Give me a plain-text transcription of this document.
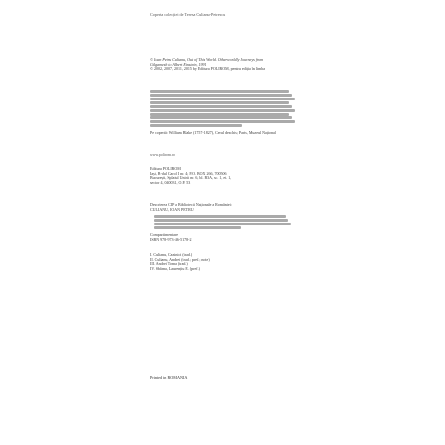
Coperta colecției de Teresa Culianu-Petrescu

© Ioan Petru Culianu, Out of This World. Otherworldly Journeys from

Gilgamesh to Albert Einstein, 1991

© 2002, 2007, 2011, 2015 by Editura POLIROM, pentru ediția în limba

Pe copertă: William Blake (1757-1827), Cerul deschis; Paris, Muzeul Național

www.polirom.ro

Editura POLIROM

Iași, B-dul Carol I nr. 4; P.O. BOX 266, 700506

București, Splaiul Unirii nr. 6, bl. B3A, sc. 1, et. 1,

sector 4, 040031, O.P. 53

Descrierea CIP a Bibliotecii Naționale a României:

CULIANU, IOAN PETRU

Compartimentare

ISBN 978-973-46-5178-2

I. Culianu, Cazinici (trad.)

II. Culianu, Andrei (trad.; pref.; note)

III. Andrei Toma (trad.)

IV. Sbârna, Laurențiu E. (pref.)

Printed in ROMANIA
